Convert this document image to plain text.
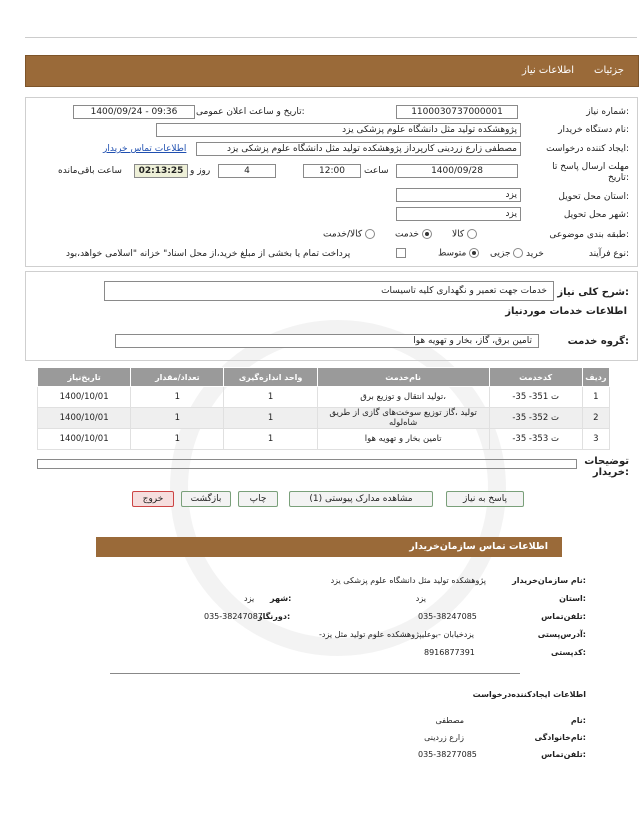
جزئیات
اطلاعات نیاز
شماره نیاز:
1100030737000001
تاریخ و ساعت اعلان عمومی:
1400/09/24 - 09:36
نام دستگاه خریدار:
پژوهشکده تولید مثل دانشگاه علوم پزشکی یزد
ایجاد کننده درخواست:
مصطفی زارع زردینی کارپرداز پژوهشکده تولید مثل دانشگاه علوم پزشکی یزد
اطلاعات تماس خریدار
مهلت ارسال پاسخ تا تاریخ:
1400/09/28
ساعت
12:00
4
روز و
02:13:25
ساعت باقی‌مانده
استان محل تحویل:
یزد
شهر محل تحویل:
یزد
طبقه بندی موضوعی:
کالا
خدمت
کالا/خدمت
نوع فرآیند:
خرید
جزیی
متوسط
پرداخت تمام یا بخشی از مبلغ خرید،از محل اسناد" خزانه "اسلامی خواهد،بود
شرح کلی نیاز:
خدمات جهت تعمیر و نگهداری کلیه تاسیسات
اطلاعات خدمات موردنیاز
گروه خدمت:
تامین برق، گاز، بخار و تهویه هوا
ردیف	کدخدمت	نام‌خدمت	واحد اندازه‌گیری	تعداد/مقدار	تاریخ‌نیاز
1	ت 351- 35-	،تولید انتقال و توزیع برق	1	1	1400/10/01
2	ت 352- 35-	تولید ،گاز توزیع سوخت‌های گازی از طریق شاه‌لوله	1	1	1400/10/01
3	ت 353- 35-	تامین بخار و تهویه هوا	1	1	1400/10/01
توضیحات خریدار:
پاسخ به نیاز
مشاهده مدارک پیوستی (1)
چاپ
بازگشت
خروج
اطلاعات تماس سازمان‌خریدار
نام سازمان‌خریدار:
پژوهشکده تولید مثل دانشگاه علوم پزشکی یزد
استان:
یزد
شهر:
یزد
تلفن‌تماس:
035-38247085
دورنگار:
035-38247087
آدرس‌پستی:
-یزدخیابان -بوعلیپژوهشکده علوم تولید مثل یزد
کدپستی:
8916877391
اطلاعات ایجادکننده‌درخواست
نام:
مصطفی
نام‌خانوادگی:
زارع زردینی
تلفن‌تماس:
035-38277085
